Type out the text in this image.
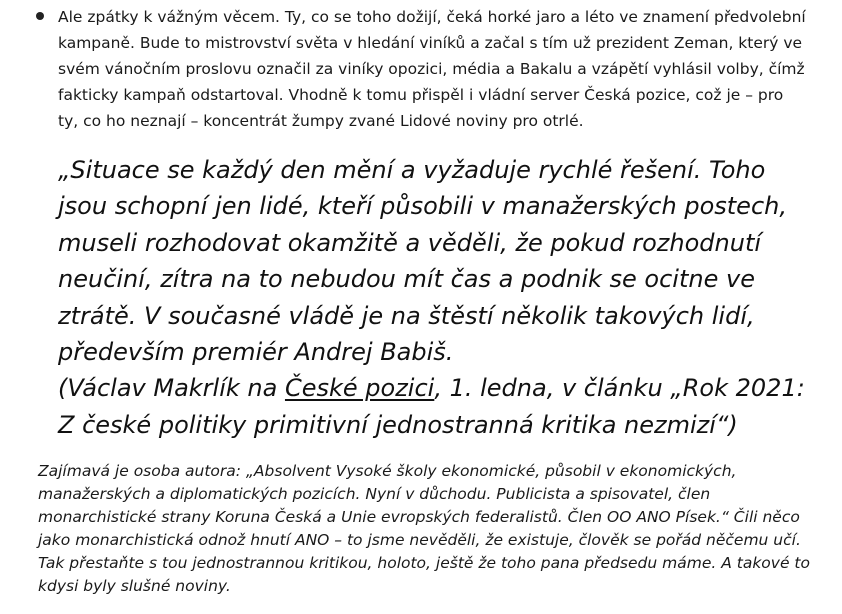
Ale zpátky k vážným věcem. Ty, co se toho dožijí, čeká horké jaro a léto ve znamení předvolební kampaně. Bude to mistrovství světa v hledání viníků a začal s tím už prezident Zeman, který ve svém vánočním proslovu označil za viníky opozici, média a Bakalu a vzápětí vyhlásil volby, čímž fakticky kampaň odstartoval. Vhodně k tomu přispěl i vládní server Česká pozice, což je – pro ty, co ho neznají – koncentrát žumpy zvané Lidové noviny pro otrlé.
„Situace se každý den mění a vyžaduje rychlé řešení. Toho jsou schopní jen lidé, kteří působili v manažerských postech, museli rozhodovat okamžitě a věděli, že pokud rozhodnutí neučiní, zítra na to nebudou mít čas a podnik se ocitne ve ztrátě. V současné vládě je na štěstí několik takových lidí, především premiér Andrej Babiš.
(Václav Makrlík na České pozici, 1. ledna, v článku „Rok 2021: Z české politiky primitivní jednostranná kritika nezmizí“)

Zajímavá je osoba autora: „Absolvent Vysoké školy ekonomické, působil v ekonomických, manažerských a diplomatických pozicích. Nyní v důchodu. Publicista a spisovatel, člen monarchistické strany Koruna Česká a Unie evropských federalistů. Člen OO ANO Písek.“ Čili něco jako monarchistická odnož hnutí ANO – to jsme nevěděli, že existuje, člověk se pořád něčemu učí. Tak přestaňte s tou jednostrannou kritikou, holoto, ještě že toho pana předsedu máme. A takové to kdysi byly slušné noviny.
